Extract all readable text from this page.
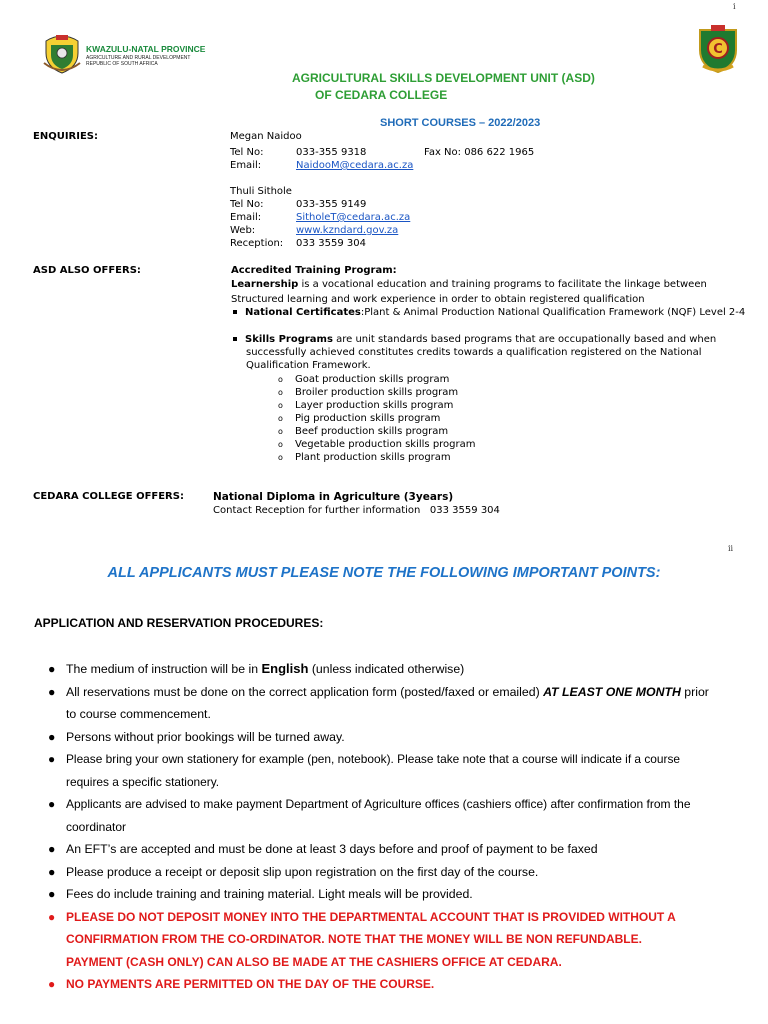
i
KWAZULU-NATAL PROVINCE
AGRICULTURE AND RURAL DEVELOPMENT
REPUBLIC OF SOUTH AFRICA
C
AGRICULTURAL SKILLS DEVELOPMENT UNIT (ASD)
OF CEDARA COLLEGE
SHORT COURSES – 2022/2023
ENQUIRIES:	Megan Naidoo
Tel No:	033-355 9318	Fax No: 086 622 1965
Email:	NaidooM@cedara.ac.za
Thuli Sithole
Tel No:	033-355 9149
Email:	SitholeT@cedara.ac.za
Web:	www.kzndard.gov.za
Reception: 033 3559 304
ASD ALSO OFFERS:	Accredited Training Program:
Learnership is a vocational education and training programs to facilitate the linkage between
Structured learning and work experience in order to obtain registered qualification
National Certificates:Plant & Animal Production National Qualification Framework (NQF) Level 2-4
Skills Programs are unit standards based programs that are occupationally based and when
successfully achieved constitutes credits towards a qualification registered on the National
Qualification Framework.
o Goat production skills program
o Broiler production skills program
o Layer production skills program
o Pig production skills program
o Beef production skills program
o Vegetable production skills program
o Plant production skills program
CEDARA COLLEGE OFFERS:	National Diploma in Agriculture (3years)
Contact Reception for further information   033 3559 304
ii
ALL APPLICANTS MUST PLEASE NOTE THE FOLLOWING IMPORTANT POINTS:
APPLICATION AND RESERVATION PROCEDURES:
● The medium of instruction will be in English (unless indicated otherwise)
● All reservations must be done on the correct application form (posted/faxed or emailed) AT LEAST ONE MONTH prior
to course commencement.
● Persons without prior bookings will be turned away.
● Please bring your own stationery for example (pen, notebook). Please take note that a course will indicate if a course
requires a specific stationery.
● Applicants are advised to make payment Department of Agriculture offices (cashiers office) after confirmation from the
coordinator
● An EFT’s are accepted and must be done at least 3 days before and proof of payment to be faxed
● Please produce a receipt or deposit slip upon registration on the first day of the course.
● Fees do include training and training material. Light meals will be provided.
● PLEASE DO NOT DEPOSIT MONEY INTO THE DEPARTMENTAL ACCOUNT THAT IS PROVIDED WITHOUT A
CONFIRMATION FROM THE CO-ORDINATOR. NOTE THAT THE MONEY WILL BE NON REFUNDABLE.
PAYMENT (CASH ONLY) CAN ALSO BE MADE AT THE CASHIERS OFFICE AT CEDARA.
● NO PAYMENTS ARE PERMITTED ON THE DAY OF THE COURSE.
